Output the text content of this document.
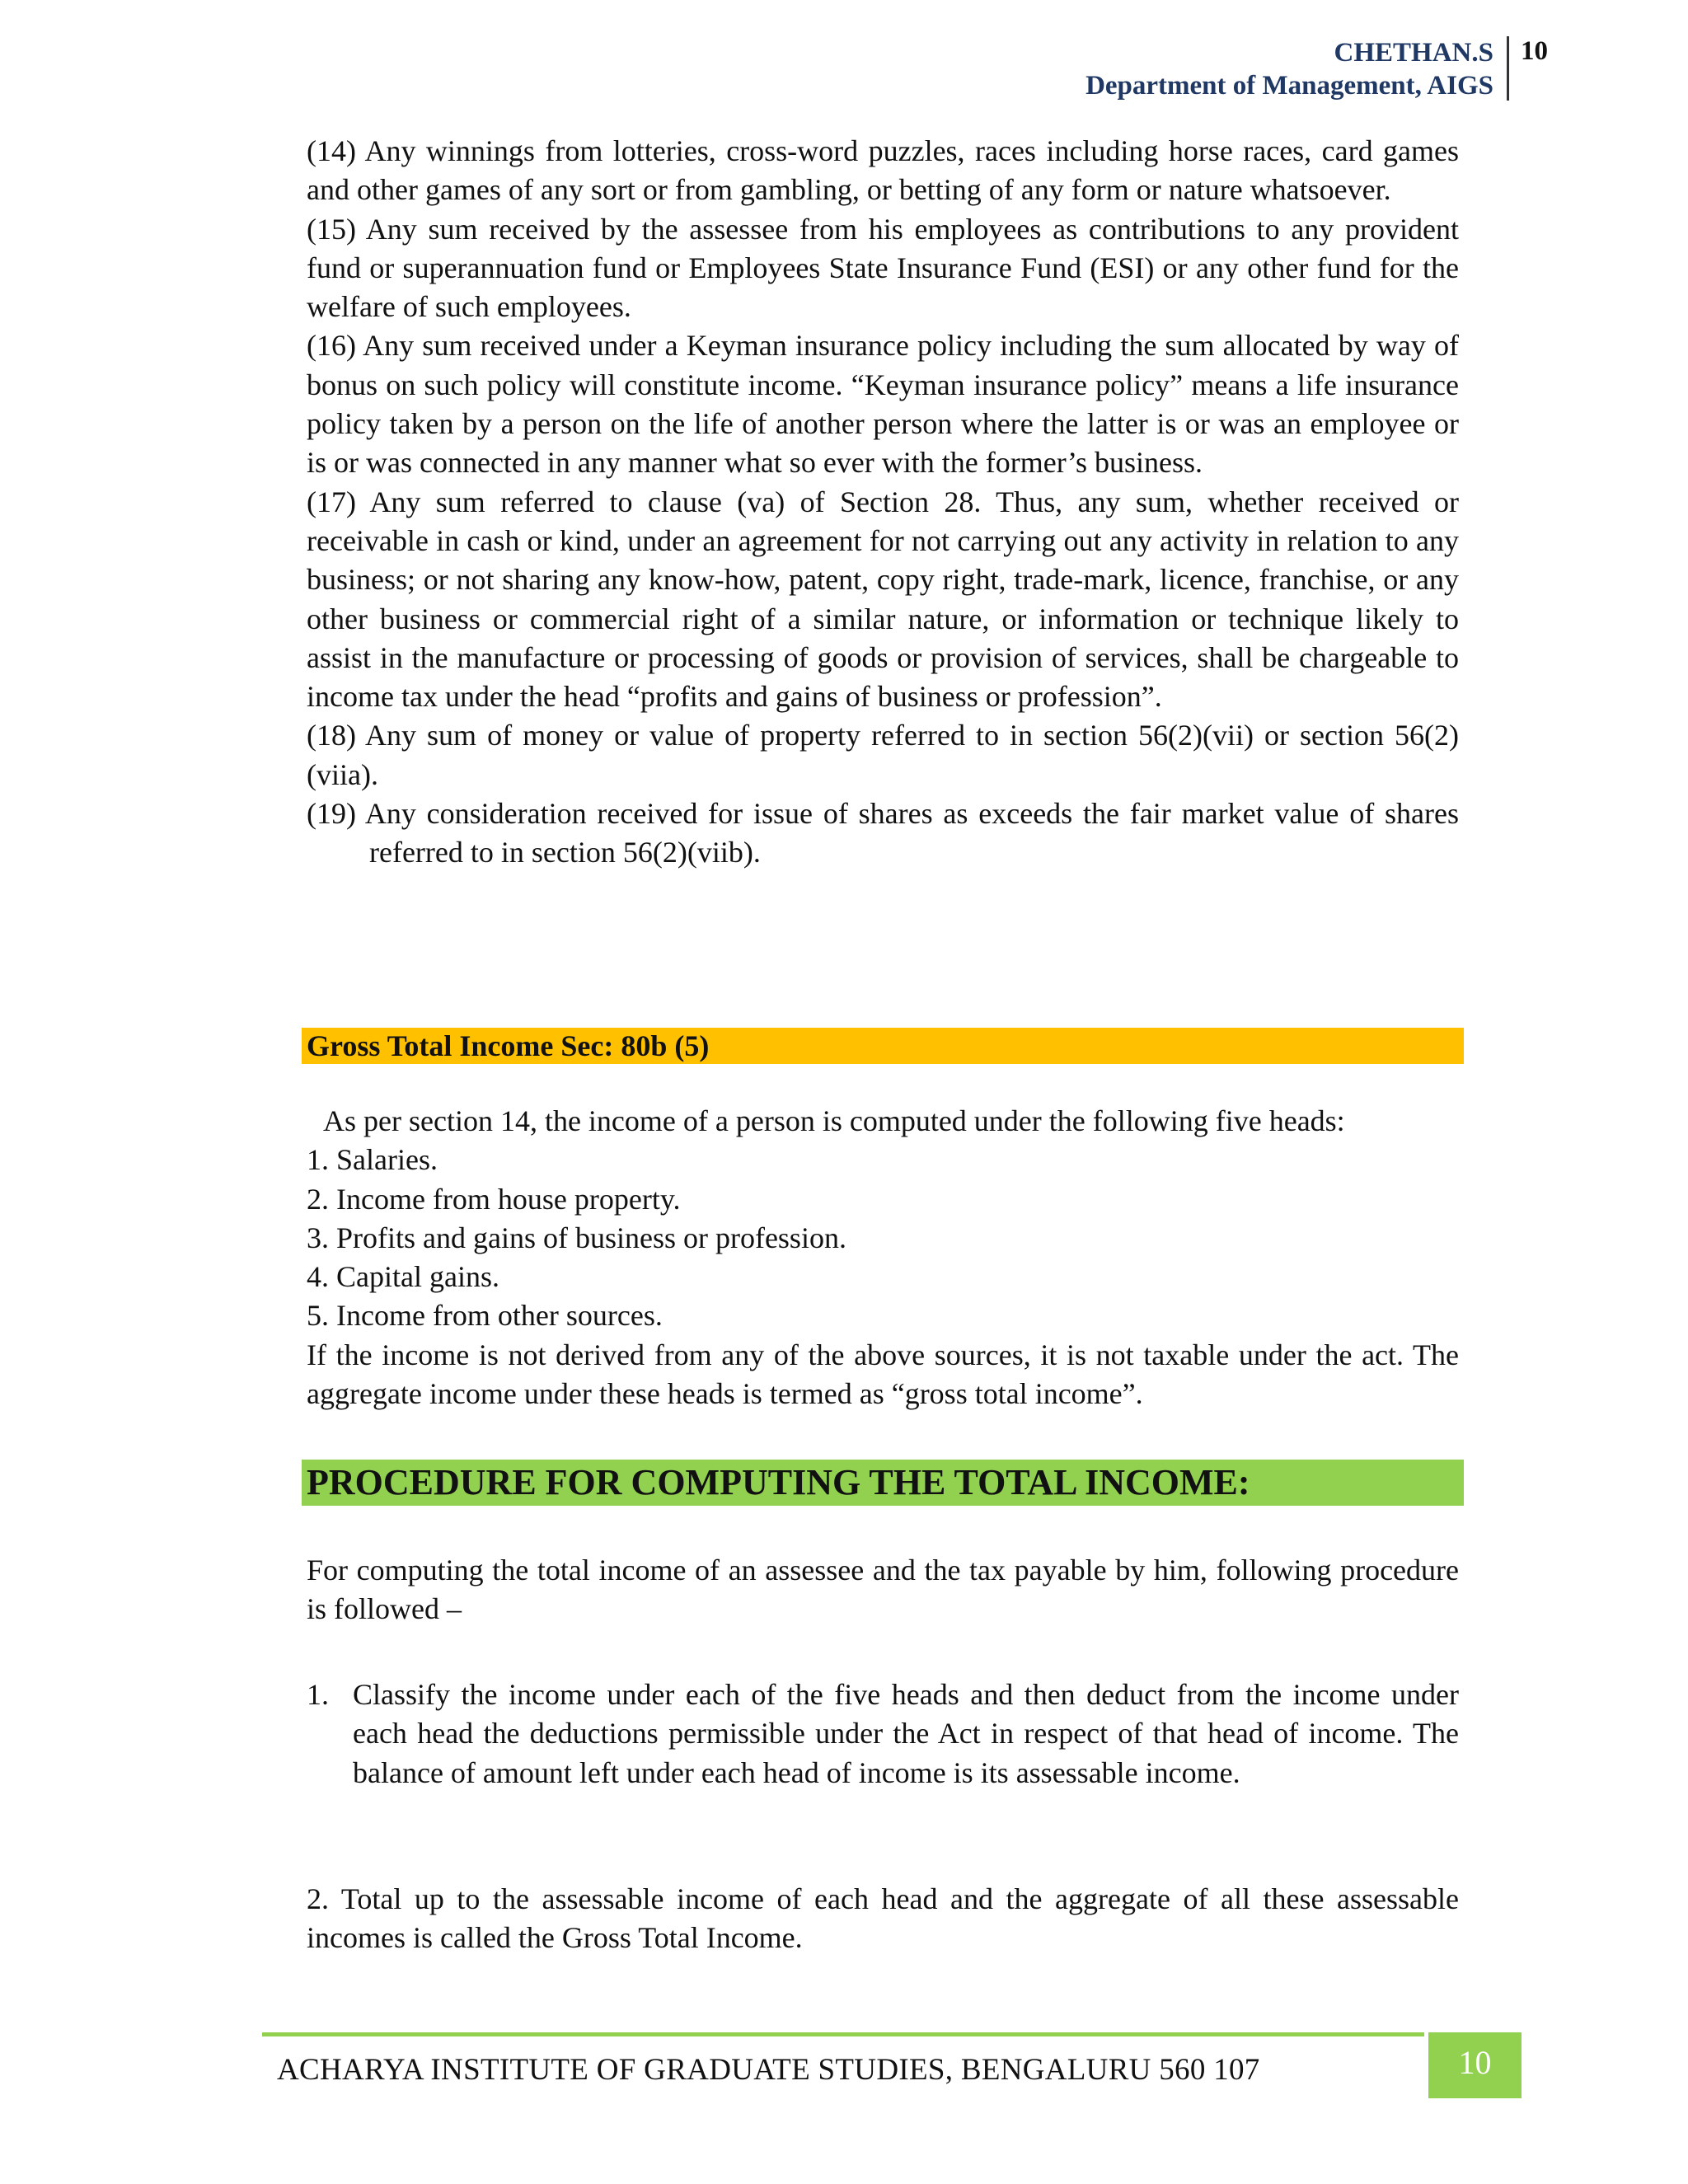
CHETHAN.S
Department of Management, AIGS
10

(14) Any winnings from lotteries, cross-word puzzles, races including horse races, card games and other games of any sort or from gambling, or betting of any form or nature whatsoever.

(15) Any sum received by the assessee from his employees as contributions to any provident fund or superannuation fund or Employees State Insurance Fund (ESI) or any other fund for the welfare of such employees.

(16) Any sum received under a Keyman insurance policy including the sum allocated by way of bonus on such policy will constitute income. “Keyman insurance policy” means a life insurance policy taken by a person on the life of another person where the latter is or was an employee or is or was connected in any manner what so ever with the former’s business.

(17) Any sum referred to clause (va) of Section 28. Thus, any sum, whether received or receivable in cash or kind, under an agreement for not carrying out any activity in relation to any business; or not sharing any know-how, patent, copy right, trade-mark, licence, franchise, or any other business or commercial right of a similar nature, or information or technique likely to assist in the manufacture or processing of goods or provision of services, shall be chargeable to income tax under the head “profits and gains of business or profession”.

(18) Any sum of money or value of property referred to in section 56(2)(vii) or section 56(2)(viia).

(19) Any consideration received for issue of shares as exceeds the fair market value of shares referred to in section 56(2)(viib).

Gross Total Income Sec: 80b (5)

As per section 14, the income of a person is computed under the following five heads:

1. Salaries.

2. Income from house property.

3. Profits and gains of business or profession.

4. Capital gains.

5. Income from other sources.

If the income is not derived from any of the above sources, it is not taxable under the act. The aggregate income under these heads is termed as “gross total income”.

PROCEDURE FOR COMPUTING THE TOTAL INCOME:

For computing the total income of an assessee and the tax payable by him, following procedure is followed –

1. Classify the income under each of the five heads and then deduct from the income under each head the deductions permissible under the Act in respect of that head of income. The balance of amount left under each head of income is its assessable income.

2. Total up to the assessable income of each head and the aggregate of all these assessable incomes is called the Gross Total Income.

ACHARYA INSTITUTE OF GRADUATE STUDIES, BENGALURU 560 107	10
